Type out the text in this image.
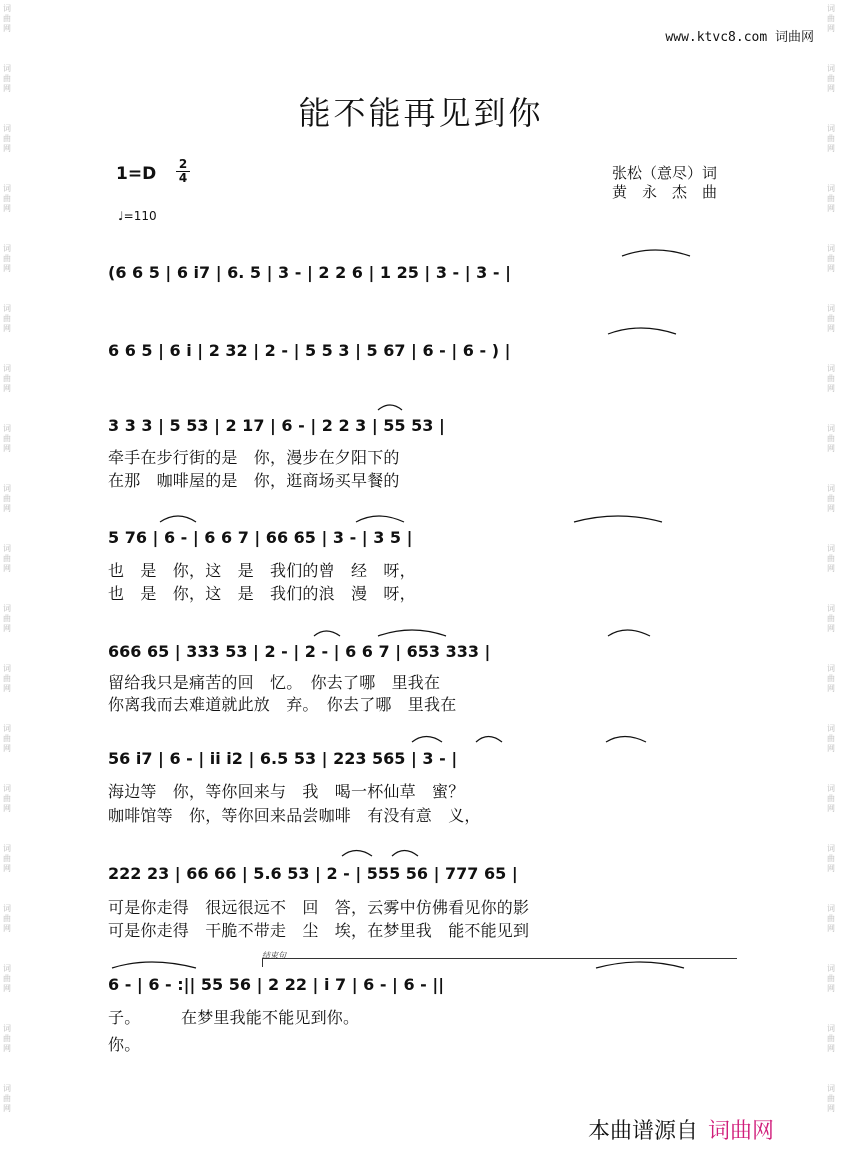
词曲网
词曲网
词曲网
词曲网
词曲网
词曲网
词曲网
词曲网
词曲网
词曲网
词曲网
词曲网
词曲网
词曲网
词曲网
词曲网
词曲网
词曲网
词曲网
词曲网
词曲网
词曲网
词曲网
词曲网
词曲网
词曲网
词曲网
词曲网
词曲网
词曲网
词曲网
词曲网
词曲网
词曲网
词曲网
词曲网
词曲网
词曲网
www.ktvc8.com 词曲网
能不能再见到你
1=D 2
4
♩=110
张松（意尽）词
黄　永　杰　曲
(6 6 5 | 6 i7 | 6. 5 | 3 - | 2 2 6 | 1 25 | 3 - | 3 - |
6 6 5 | 6 i | 2 32 | 2 - | 5 5 3 | 5 67 | 6 - | 6 - ) |
3 3 3 | 5 53 | 2 17 | 6 - | 2 2 3 | 55 53 |
牵手在步行街的是　你，漫步在夕阳下的
在那　咖啡屋的是　你，逛商场买早餐的
5 76 | 6 - | 6 6 7 | 66 65 | 3 - | 3 5 |
也　是　你，这　是　我们的曾　经　呀，
也　是　你，这　是　我们的浪　漫　呀，
666 65 | 333 53 | 2 - | 2 - | 6 6 7 | 653 333 |
留给我只是痛苦的回　忆。　你去了哪　里我在
你离我而去难道就此放　弃。　你去了哪　里我在
56 i7 | 6 - | ii i2 | 6.5 53 | 223 565 | 3 - |
海边等　你，等你回来与　我　喝一杯仙草　蜜？
咖啡馆等　你，等你回来品尝咖啡　有没有意　义，
222 23 | 66 66 | 5.6 53 | 2 - | 555 56 | 777 65 |
可是你走得　很远很远不　回　答，云雾中仿佛看见你的影
可是你走得　干脆不带走　尘　埃，在梦里我　能不能见到
结束句
6 - | 6 - :|| 55 56 | 2 22 | i 7 | 6 - | 6 - ||
子。　　　在梦里我能不能见到你。
你。
本曲谱源自 词曲网
